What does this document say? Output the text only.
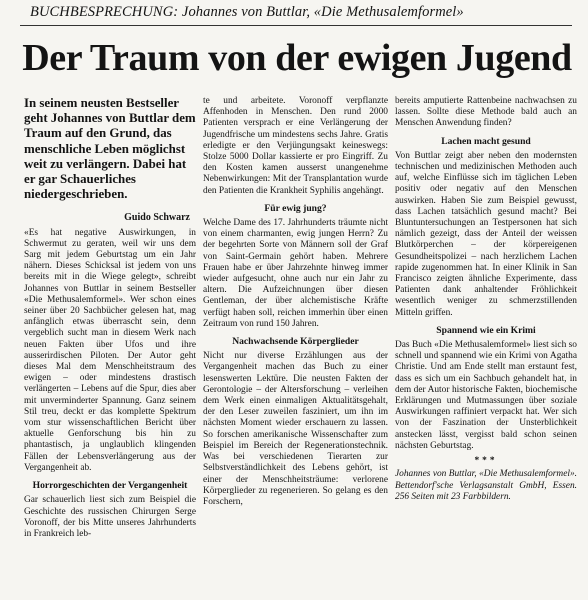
BUCHBESPRECHUNG: Johannes von Buttlar, «Die Methusalemformel»
Der Traum von der ewigen Jugend

In seinem neusten Bestseller geht Johannes von Buttlar dem Traum auf den Grund, das menschliche Leben möglichst weit zu verlängern. Dabei hat er gar Schauerliches niedergeschrieben.

Guido Schwarz

«Es hat negative Auswirkungen, in Schwermut zu geraten, weil wir uns dem Sarg mit jedem Geburtstag um ein Jahr nähern. Dieses Schicksal ist jedem von uns bereits mit in die Wiege gelegt», schreibt Johannes von Buttlar in seinem Bestseller «Die Methusalemformel». Wer schon eines seiner über 20 Sachbücher gelesen hat, mag anfänglich etwas überrascht sein, denn vergeblich sucht man in diesem Werk nach neuen Fakten über Ufos und ihre ausserirdischen Piloten. Der Autor geht dieses Mal dem Menschheitstraum des ewigen – oder mindestens drastisch verlängerten – Lebens auf die Spur, dies aber mit unverminderter Spannung. Ganz seinem Stil treu, deckt er das komplette Spektrum vom stur wissenschaftlichen Bericht über aktuelle Genforschung bis hin zu phantastisch, ja unglaublich klingenden Fällen der Lebensverlängerung aus der Vergangenheit ab.

Horrorgeschichten der Vergangenheit

Gar schauerlich liest sich zum Beispiel die Geschichte des russischen Chirurgen Serge Voronoff, der bis Mitte unseres Jahrhunderts in Frankreich leb-

te und arbeitete. Voronoff verpflanzte Affenhoden in Menschen. Den rund 2000 Patienten versprach er eine Verlängerung der Jugendfrische um mindestens sechs Jahre. Gratis erledigte er den Verjüngungsakt keineswegs: Stolze 5000 Dollar kassierte er pro Eingriff. Zu den Kosten kamen ausserst unangenehme Nebenwirkungen: Mit der Transplantation wurde den Patienten die Krankheit Syphilis angehängt.

Für ewig jung?

Welche Dame des 17. Jahrhunderts träumte nicht von einem charmanten, ewig jungen Herrn? Zu der begehrten Sorte von Männern soll der Graf von Saint-Germain gehört haben. Mehrere Frauen habe er über Jahrzehnte hinweg immer wieder aufgesucht, ohne auch nur ein Jahr zu altern. Die Aufzeichnungen über diesen Gentleman, der über alchemistische Kräfte verfügt haben soll, reichen immerhin über einen Zeitraum von rund 150 Jahren.

Nachwachsende Körperglieder

Nicht nur diverse Erzählungen aus der Vergangenheit machen das Buch zu einer lesenswerten Lektüre. Die neusten Fakten der Gerontologie – der Altersforschung – verleihen dem Werk einen einmaligen Aktualitätsgehalt, der den Leser zuweilen fasziniert, um ihn im nächsten Moment wieder erschauern zu lassen. So forschen amerikanische Wissenschafter zum Beispiel im Bereich der Regenerationstechnik. Was bei verschiedenen Tierarten zur Selbstverständlichkeit des Lebens gehört, ist einer der Menschheitsträume: verlorene Körperglieder zu regenerieren. So gelang es den Forschern,

bereits amputierte Rattenbeine nachwachsen zu lassen. Sollte diese Methode bald auch an Menschen Anwendung finden?

Lachen macht gesund

Von Buttlar zeigt aber neben den modernsten technischen und medizinischen Methoden auch auf, welche Einflüsse sich im täglichen Leben positiv oder negativ auf den Menschen auswirken. Haben Sie zum Beispiel gewusst, dass Lachen tatsächlich gesund macht? Bei Bluntuntersuchungen an Testpersonen hat sich nämlich gezeigt, dass der Anteil der weissen Blutkörperchen – der körpereigenen Gesundheitspolizei – nach herzlichem Lachen rapide zugenommen hat. In einer Klinik in San Francisco zeigten ähnliche Experimente, dass Patienten dank anhaltender Fröhlichkeit wesentlich weniger zu schmerzstillenden Mitteln griffen.

Spannend wie ein Krimi

Das Buch «Die Methusalemformel» liest sich so schnell und spannend wie ein Krimi von Agatha Christie. Und am Ende stellt man erstaunt fest, dass es sich um ein Sachbuch gehandelt hat, in dem der Autor historische Fakten, biochemische Erklärungen und Mutmassungen über soziale Auswirkungen raffiniert verpackt hat. Wer sich von der Faszination der Unsterblichkeit anstecken lässt, vergisst bald schon seinen nächsten Geburtstag.

***

Johannes von Buttlar, «Die Methusalemformel». Bettendorf'sche Verlagsanstalt GmbH, Essen. 256 Seiten mit 23 Farbbildern.
